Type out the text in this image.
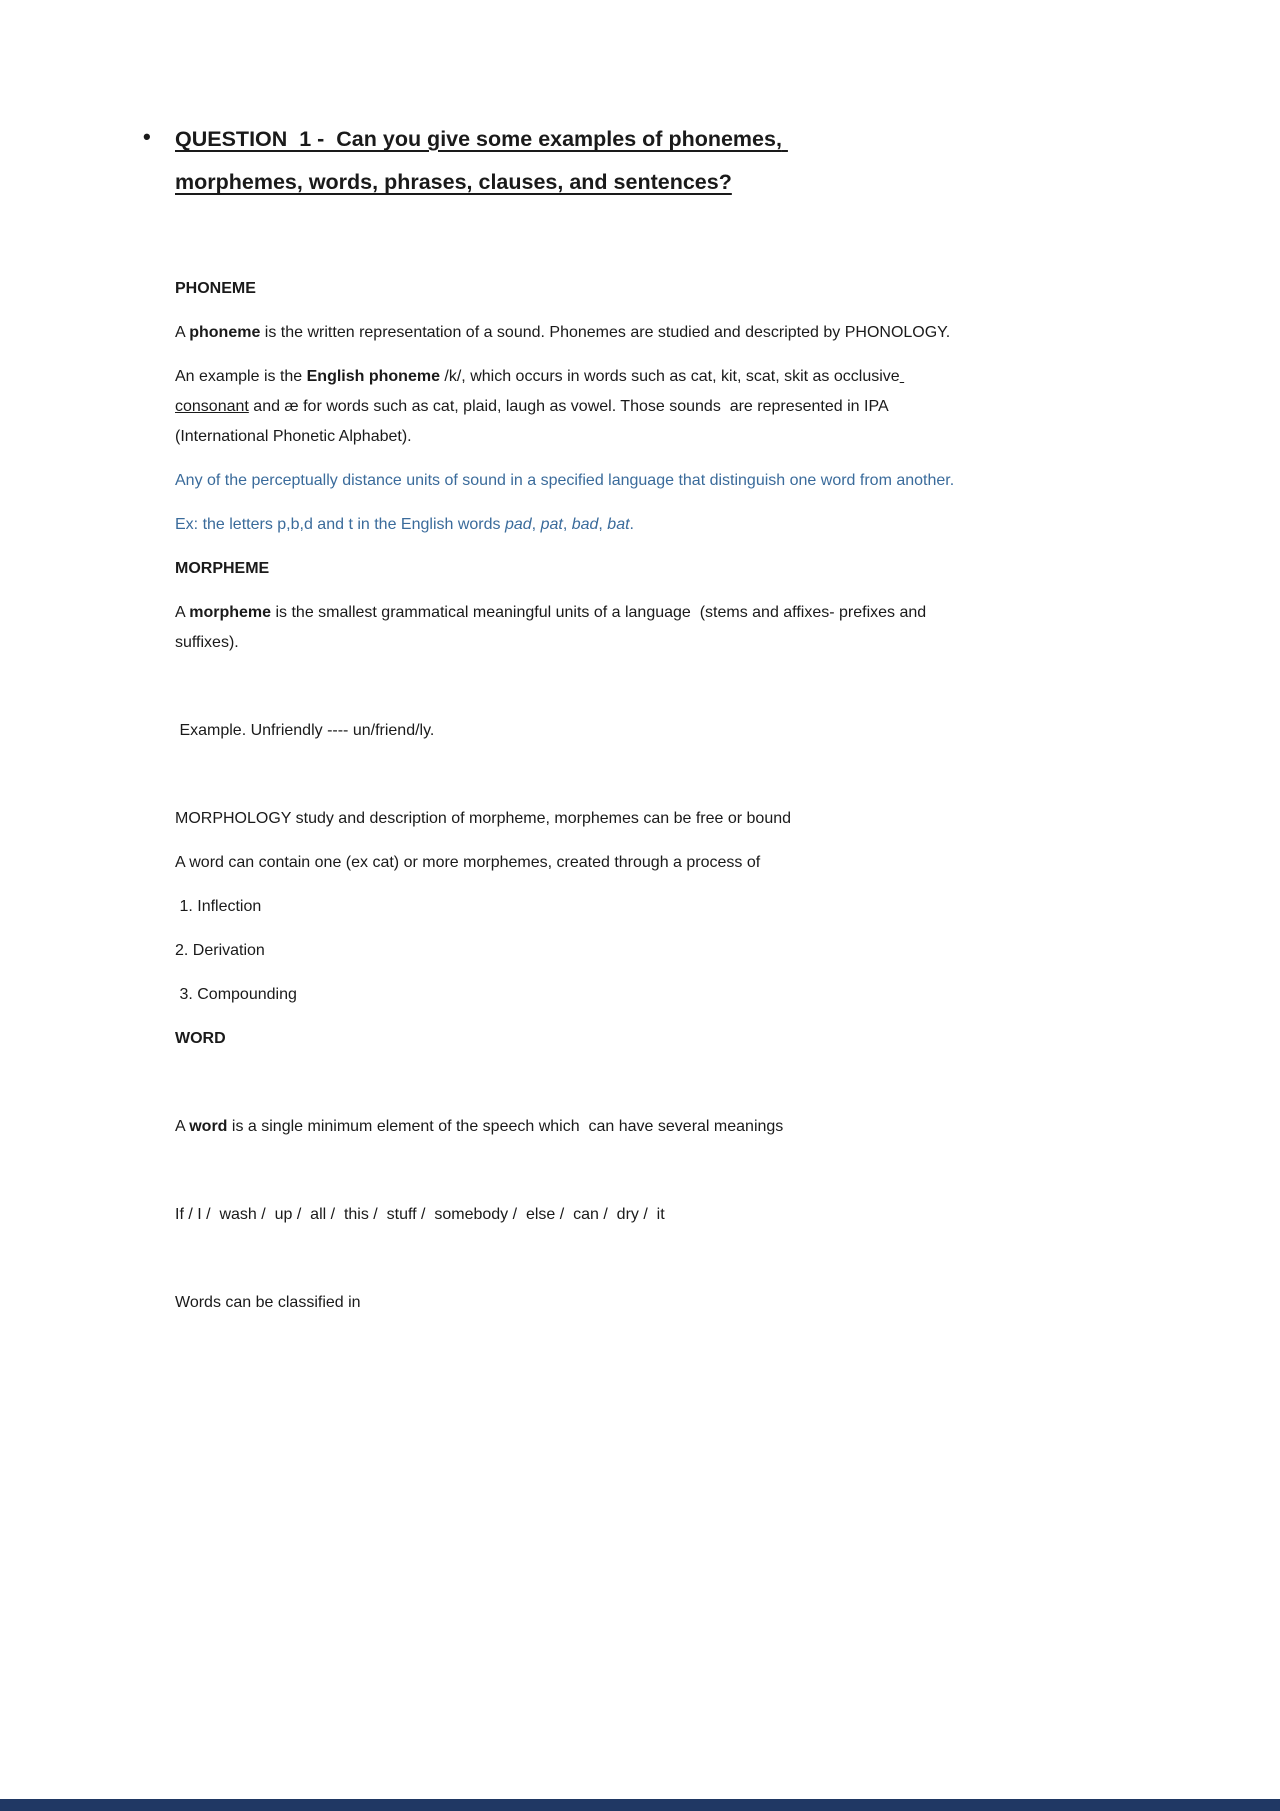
• QUESTION  1 -  Can you give some examples of phonemes, morphemes, words, phrases, clauses, and sentences?
PHONEME
A phoneme is the written representation of a sound. Phonemes are studied and descripted by PHONOLOGY.
An example is the English phoneme /k/, which occurs in words such as cat, kit, scat, skit as occlusive consonant and æ for words such as cat, plaid, laugh as vowel. Those sounds  are represented in IPA (International Phonetic Alphabet).
Any of the perceptually distance units of sound in a specified language that distinguish one word from another.
Ex: the letters p,b,d and t in the English words pad, pat, bad, bat.
MORPHEME
A morpheme is the smallest grammatical meaningful units of a language  (stems and affixes- prefixes and suffixes).
Example. Unfriendly ---- un/friend/ly.
MORPHOLOGY study and description of morpheme, morphemes can be free or bound
A word can contain one (ex cat) or more morphemes, created through a process of
1. Inflection
2. Derivation
3. Compounding
WORD
A word is a single minimum element of the speech which  can have several meanings
If / I /  wash /  up /  all /  this /  stuff /  somebody /  else /  can /  dry /  it
Words can be classified in
